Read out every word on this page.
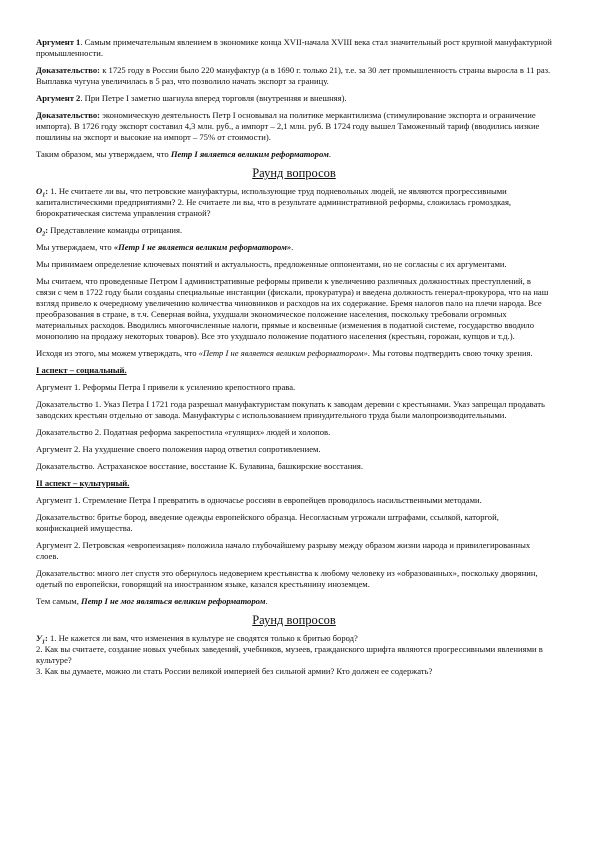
Аргумент 1. Самым примечательным явлением в экономике конца XVII-начала XVIII века стал значительный рост крупной мануфактурной промышленности.

Доказательство: к 1725 году в России было 220 мануфактур (а в 1690 г. только 21), т.е. за 30 лет промышленность страны выросла в 11 раз. Выплавка чугуна увеличилась в 5 раз, что позволило начать экспорт за границу.

Аргумент 2. При Петре I заметно шагнула вперед торговля (внутренняя и внешняя).

Доказательство: экономическую деятельность Петр I основывал на политике меркантилизма (стимулирование экспорта и ограничение импорта). В 1726 году экспорт составил 4,3 млн. руб., а импорт – 2,1 млн. руб. В 1724 году вышел Таможенный тариф (вводились низкие пошлины на экспорт и высокие на импорт – 75% от стоимости).

Таким образом, мы утверждаем, что Петр I является великим реформатором.

Раунд вопросов

$О_1$: 1. Не считаете ли вы, что петровские мануфактуры, использующие труд подневольных людей, не являются прогрессивными капиталистическими предприятиями? 2. Не считаете ли вы, что в результате административной реформы, сложилась громоздкая, бюрократическая система управления страной?

$О_2$: Представление команды отрицания.

Мы утверждаем, что «Петр I не является великим реформатором».

Мы принимаем определение ключевых понятий и актуальность, предложенные оппонентами, но не согласны с их аргументами.

Мы считаем, что проведенные Петром I административные реформы привели к увеличению различных должностных преступлений, в связи с чем в 1722 году были созданы специальные инстанции (фискали, прокуратура) и введена должность генерал-прокурора, что на наш взгляд привело к очередному увеличению количества чиновников и расходов на их содержание. Бремя налогов пало на плечи народа. Все преобразования в стране, в т.ч. Северная война, ухудшали экономическое положение населения, поскольку требовали огромных материальных расходов. Вводились многочисленные налоги, прямые и косвенные (изменения в податной системе, государство вводило монополию на продажу некоторых товаров). Все это ухудшало положение податного населения (крестьян, горожан, купцов и т.д.).

Исходя из этого, мы можем утверждать, что «Петр I не является великим реформатором». Мы готовы подтвердить свою точку зрения.

I аспект – социальный.

Аргумент 1. Реформы Петра I привели к усилению крепостного права.

Доказательство 1. Указ Петра I 1721 года разрешал мануфактуристам покупать к заводам деревни с крестьянами. Указ запрещал продавать заводских крестьян отдельно от завода. Мануфактуры с использованием принудительного труда были малопроизводительными.

Доказательство 2. Податная реформа закрепостила «гулящих» людей и холопов.

Аргумент 2. На ухудшение своего положения народ ответил сопротивлением.

Доказательство. Астраханское восстание, восстание К. Булавина, башкирские восстания.

II аспект – культурный.

Аргумент 1. Стремление Петра I превратить в одночасье россиян в европейцев проводилось насильственными методами.

Доказательство: бритье бород, введение одежды европейского образца. Несогласным угрожали штрафами, ссылкой, каторгой, конфискацией имущества.

Аргумент 2. Петровская «европеизация» положила начало глубочайшему разрыву между образом жизни народа и привилегированных слоев.

Доказательство: много лет спустя это обернулось недоверием крестьянства к любому человеку из «образованных», поскольку дворянин, одетый по европейски, говорящий на иностранном языке, казался крестьянину иноземцем.

Тем самым, Петр I не мог являться великим реформатором.

Раунд вопросов

$У_1$: 1. Не кажется ли вам, что изменения в культуре не сводятся только к бритью бород?

2. Как вы считаете, создание новых учебных заведений, учебников, музеев, гражданского шрифта являются прогрессивными явлениями в культуре?

3. Как вы думаете, можно ли стать России великой империей без сильной армии? Кто должен ее содержать?
